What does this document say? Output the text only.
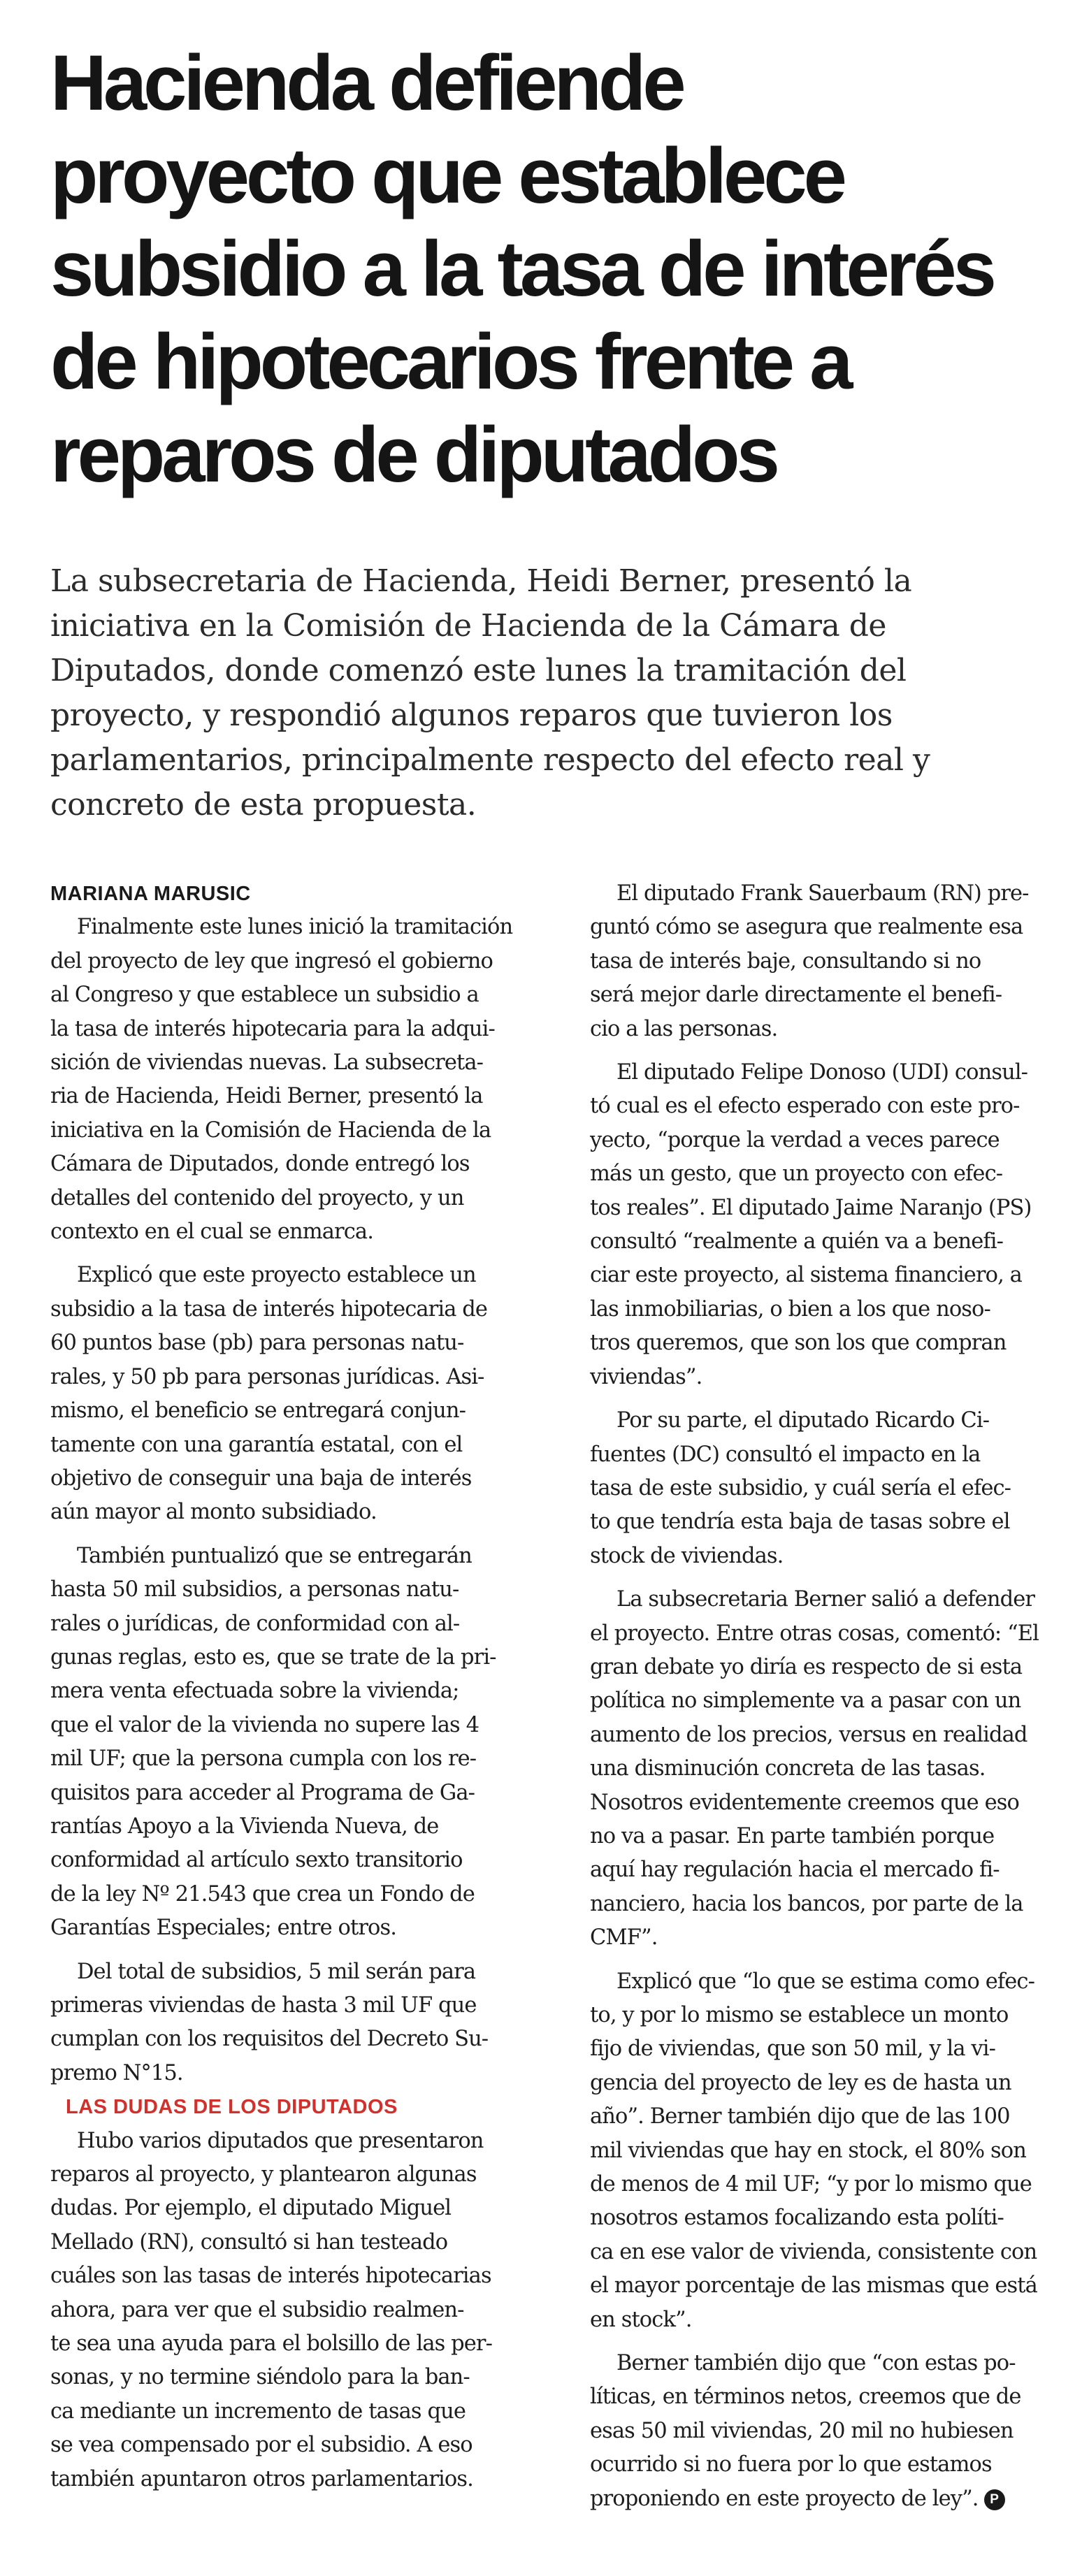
Hacienda defiende
proyecto que establece
subsidio a la tasa de interés
de hipotecarios frente a
reparos de diputados

La subsecretaria de Hacienda, Heidi Berner, presentó la
iniciativa en la Comisión de Hacienda de la Cámara de
Diputados, donde comenzó este lunes la tramitación del
proyecto, y respondió algunos reparos que tuvieron los
parlamentarios, principalmente respecto del efecto real y
concreto de esta propuesta.

MARIANA MARUSIC
Finalmente este lunes inició la tramitación
del proyecto de ley que ingresó el gobierno
al Congreso y que establece un subsidio a
la tasa de interés hipotecaria para la adqui-
sición de viviendas nuevas. La subsecreta-
ria de Hacienda, Heidi Berner, presentó la
iniciativa en la Comisión de Hacienda de la
Cámara de Diputados, donde entregó los
detalles del contenido del proyecto, y un
contexto en el cual se enmarca.
Explicó que este proyecto establece un
subsidio a la tasa de interés hipotecaria de
60 puntos base (pb) para personas natu-
rales, y 50 pb para personas jurídicas. Asi-
mismo, el beneficio se entregará conjun-
tamente con una garantía estatal, con el
objetivo de conseguir una baja de interés
aún mayor al monto subsidiado.
También puntualizó que se entregarán
hasta 50 mil subsidios, a personas natu-
rales o jurídicas, de conformidad con al-
gunas reglas, esto es, que se trate de la pri-
mera venta efectuada sobre la vivienda;
que el valor de la vivienda no supere las 4
mil UF; que la persona cumpla con los re-
quisitos para acceder al Programa de Ga-
rantías Apoyo a la Vivienda Nueva, de
conformidad al artículo sexto transitorio
de la ley Nº 21.543 que crea un Fondo de
Garantías Especiales; entre otros.
Del total de subsidios, 5 mil serán para
primeras viviendas de hasta 3 mil UF que
cumplan con los requisitos del Decreto Su-
premo N°15.
LAS DUDAS DE LOS DIPUTADOS
Hubo varios diputados que presentaron
reparos al proyecto, y plantearon algunas
dudas. Por ejemplo, el diputado Miguel
Mellado (RN), consultó si han testeado
cuáles son las tasas de interés hipotecarias
ahora, para ver que el subsidio realmen-
te sea una ayuda para el bolsillo de las per-
sonas, y no termine siéndolo para la ban-
ca mediante un incremento de tasas que
se vea compensado por el subsidio. A eso
también apuntaron otros parlamentarios.
El diputado Frank Sauerbaum (RN) pre-
guntó cómo se asegura que realmente esa
tasa de interés baje, consultando si no
será mejor darle directamente el benefi-
cio a las personas.
El diputado Felipe Donoso (UDI) consul-
tó cual es el efecto esperado con este pro-
yecto, “porque la verdad a veces parece
más un gesto, que un proyecto con efec-
tos reales”. El diputado Jaime Naranjo (PS)
consultó “realmente a quién va a benefi-
ciar este proyecto, al sistema financiero, a
las inmobiliarias, o bien a los que noso-
tros queremos, que son los que compran
viviendas”.
Por su parte, el diputado Ricardo Ci-
fuentes (DC) consultó el impacto en la
tasa de este subsidio, y cuál sería el efec-
to que tendría esta baja de tasas sobre el
stock de viviendas.
La subsecretaria Berner salió a defender
el proyecto. Entre otras cosas, comentó: “El
gran debate yo diría es respecto de si esta
política no simplemente va a pasar con un
aumento de los precios, versus en realidad
una disminución concreta de las tasas.
Nosotros evidentemente creemos que eso
no va a pasar. En parte también porque
aquí hay regulación hacia el mercado fi-
nanciero, hacia los bancos, por parte de la
CMF”.
Explicó que “lo que se estima como efec-
to, y por lo mismo se establece un monto
fijo de viviendas, que son 50 mil, y la vi-
gencia del proyecto de ley es de hasta un
año”. Berner también dijo que de las 100
mil viviendas que hay en stock, el 80% son
de menos de 4 mil UF; “y por lo mismo que
nosotros estamos focalizando esta políti-
ca en ese valor de vivienda, consistente con
el mayor porcentaje de las mismas que está
en stock”.
Berner también dijo que “con estas po-
líticas, en términos netos, creemos que de
esas 50 mil viviendas, 20 mil no hubiesen
ocurrido si no fuera por lo que estamos
proponiendo en este proyecto de ley”. P
